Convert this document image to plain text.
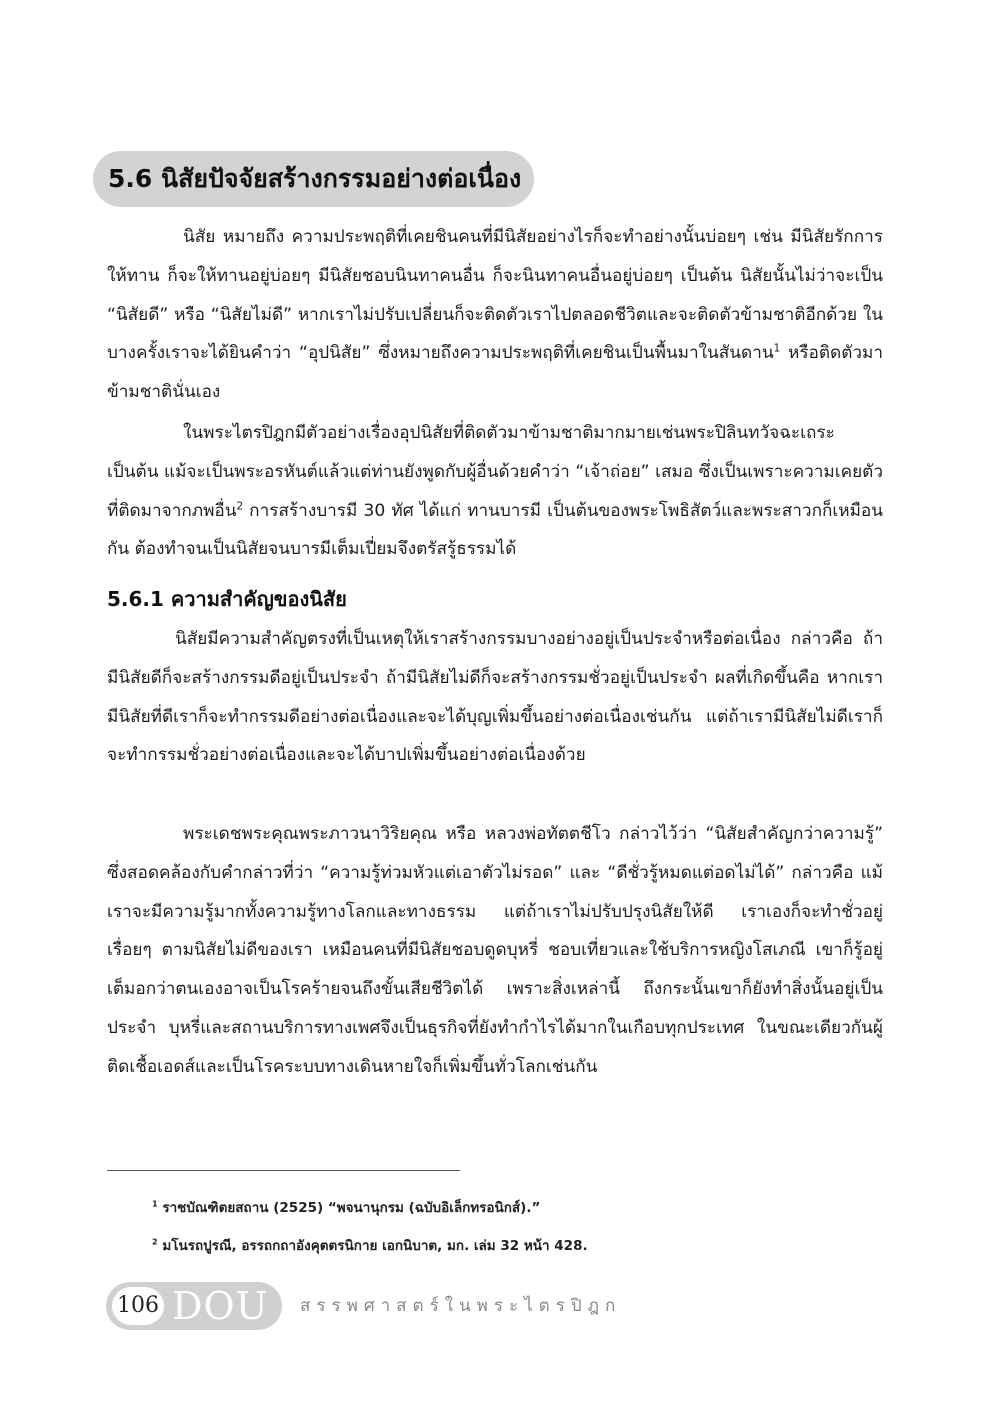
5.6 นิสัยปัจจัยสร้างกรรมอย่างต่อเนื่อง

นิสัย หมายถึง ความประพฤติที่เคยชินคนที่มีนิสัยอย่างไรก็จะทำอย่างนั้นบ่อยๆ เช่น มีนิสัยรักการให้ทาน ก็จะให้ทานอยู่บ่อยๆ มีนิสัยชอบนินทาคนอื่น ก็จะนินทาคนอื่นอยู่บ่อยๆ เป็นต้น นิสัยนั้นไม่ว่าจะเป็น “นิสัยดี” หรือ “นิสัยไม่ดี” หากเราไม่ปรับเปลี่ยนก็จะติดตัวเราไปตลอดชีวิตและจะติดตัวข้ามชาติอีกด้วย ในบางครั้งเราจะได้ยินคำว่า “อุปนิสัย” ซึ่งหมายถึงความประพฤติที่เคยชินเป็นพื้นมาในสันดาน$^1$ หรือติดตัวมาข้ามชาตินั่นเอง

ในพระไตรปิฎกมีตัวอย่างเรื่องอุปนิสัยที่ติดตัวมาข้ามชาติมากมายเช่นพระปิลินทวัจฉะเถระ เป็นต้น แม้จะเป็นพระอรหันต์แล้วแต่ท่านยังพูดกับผู้อื่นด้วยคำว่า “เจ้าถ่อย” เสมอ ซึ่งเป็นเพราะความเคยตัวที่ติดมาจากภพอื่น$^2$ การสร้างบารมี 30 ทัศ ได้แก่ ทานบารมี เป็นต้นของพระโพธิสัตว์และพระสาวกก็เหมือนกัน ต้องทำจนเป็นนิสัยจนบารมีเต็มเปี่ยมจึงตรัสรู้ธรรมได้

5.6.1 ความสำคัญของนิสัย

นิสัยมีความสำคัญตรงที่เป็นเหตุให้เราสร้างกรรมบางอย่างอยู่เป็นประจำหรือต่อเนื่อง กล่าวคือ ถ้ามีนิสัยดีก็จะสร้างกรรมดีอยู่เป็นประจำ ถ้ามีนิสัยไม่ดีก็จะสร้างกรรมชั่วอยู่เป็นประจำ ผลที่เกิดขึ้นคือ หากเรามีนิสัยที่ดีเราก็จะทำกรรมดีอย่างต่อเนื่องและจะได้บุญเพิ่มขึ้นอย่างต่อเนื่องเช่นกัน แต่ถ้าเรามีนิสัยไม่ดีเราก็จะทำกรรมชั่วอย่างต่อเนื่องและจะได้บาปเพิ่มขึ้นอย่างต่อเนื่องด้วย

พระเดชพระคุณพระภาวนาวิริยคุณ หรือ หลวงพ่อทัตตชีโว กล่าวไว้ว่า “นิสัยสำคัญกว่าความรู้” ซึ่งสอดคล้องกับคำกล่าวที่ว่า “ความรู้ท่วมหัวแต่เอาตัวไม่รอด” และ “ดีชั่วรู้หมดแต่อดไม่ได้” กล่าวคือ แม้เราจะมีความรู้มากทั้งความรู้ทางโลกและทางธรรม แต่ถ้าเราไม่ปรับปรุงนิสัยให้ดี เราเองก็จะทำชั่วอยู่เรื่อยๆ ตามนิสัยไม่ดีของเรา เหมือนคนที่มีนิสัยชอบดูดบุหรี่ ชอบเที่ยวและใช้บริการหญิงโสเภณี เขาก็รู้อยู่เต็มอกว่าตนเองอาจเป็นโรคร้ายจนถึงขั้นเสียชีวิตได้ เพราะสิ่งเหล่านี้ ถึงกระนั้นเขาก็ยังทำสิ่งนั้นอยู่เป็นประจำ บุหรี่และสถานบริการทางเพศจึงเป็นธุรกิจที่ยังทำกำไรได้มากในเกือบทุกประเทศ ในขณะเดียวกันผู้ติดเชื้อเอดส์และเป็นโรคระบบทางเดินหายใจก็เพิ่มขึ้นทั่วโลกเช่นกัน

$^1$ ราชบัณฑิตยสถาน (2525) “พจนานุกรม (ฉบับอิเล็กทรอนิกส์).”
$^2$ มโนรถปูรณี, อรรถกถาอังคุตตรนิกาย เอกนิบาต, มก. เล่ม 32 หน้า 428.
106 DOU สรรพศาสตร์ในพระไตรปิฎก
